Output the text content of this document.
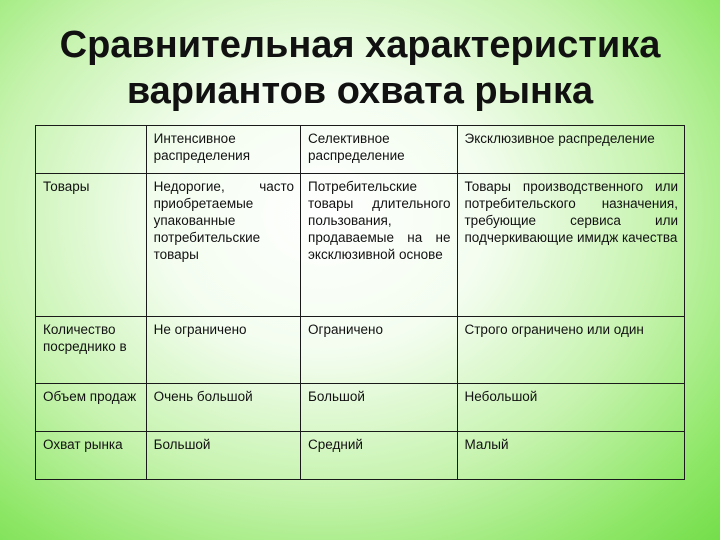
Сравнительная характеристика
вариантов охвата рынка
	Интенсивное распределения	Селективное распределение	Эксклюзивное распределение
Товары	Недорогие, часто приобретаемые упакованные потребительские товары	Потребительские товары длительного пользования, продаваемые на не эксклюзивной основе	Товары производственного или потребительского назначения, требующие сервиса или подчеркивающие имидж качества
Количество посреднико в	Не ограничено	Ограничено	Строго ограничено или один
Объем продаж	Очень большой	Большой	Небольшой
Охват рынка	Большой	Средний	Малый
